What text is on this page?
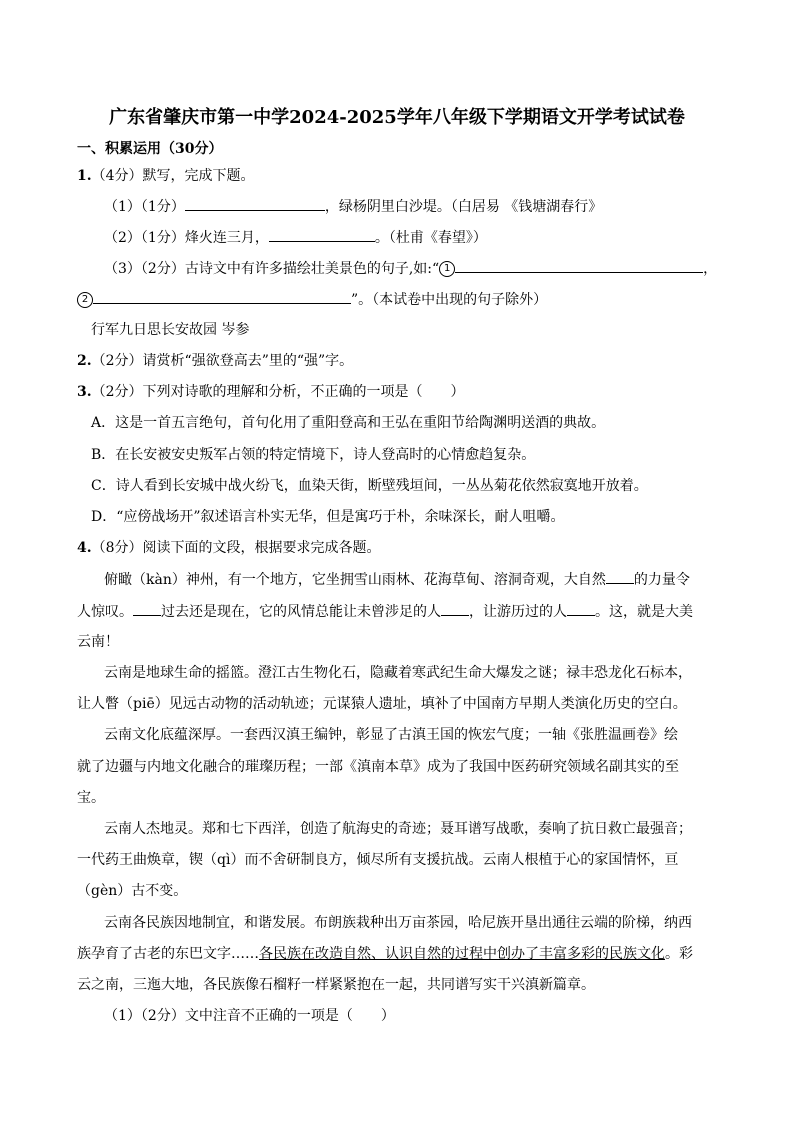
广东省肇庆市第一中学2024-2025学年八年级下学期语文开学考试试卷
一、积累运用（30分）
1.（4分）默写，完成下题。
（1）（1分）	，绿杨阴里白沙堤。（白居易 《钱塘湖春行》
（2）（1分）烽火连三月，	。（杜甫《春望》）
（3）（2分）古诗文中有许多描绘壮美景色的句子,如:“ 1	，
2	”。（本试卷中出现的句子除外）
行军九日思长安故园 岑参
2.（2分）请赏析“强欲登高去”里的“强”字。
3.（2分）下列对诗歌的理解和分析，不正确的一项是（　　）
A．这是一首五言绝句，首句化用了重阳登高和王弘在重阳节给陶渊明送酒的典故。
B．在长安被安史叛军占领的特定情境下，诗人登高时的心情愈趋复杂。
C．诗人看到长安城中战火纷飞，血染天街，断壁残垣间，一丛丛菊花依然寂寞地开放着。
D．“应傍战场开”叙述语言朴实无华，但是寓巧于朴，余味深长，耐人咀嚼。
4.（8分）阅读下面的文段，根据要求完成各题。
俯瞰（kàn）神州，有一个地方，它坐拥雪山雨林、花海草甸、溶洞奇观，大自然 的力量令
人惊叹。 过去还是现在，它的风情总能让未曾涉足的人 ，让游历过的人 。这，就是大美
云南！
云南是地球生命的摇篮。澄江古生物化石，隐藏着寒武纪生命大爆发之谜；禄丰恐龙化石标本，
让人瞥（piē）见远古动物的活动轨迹；元谋猿人遗址，填补了中国南方早期人类演化历史的空白。
云南文化底蕴深厚。一套西汉滇王编钟，彰显了古滇王国的恢宏气度；一轴《张胜温画卷》绘
就了边疆与内地文化融合的璀璨历程；一部《滇南本草》成为了我国中医药研究领域名副其实的至
宝。
云南人杰地灵。郑和七下西洋，创造了航海史的奇迹；聂耳谱写战歌，奏响了抗日救亡最强音；
一代药王曲焕章，锲（qì）而不舍研制良方，倾尽所有支援抗战。云南人根植于心的家国情怀，亘
（gèn）古不变。
云南各民族因地制宜，和谐发展。布朗族栽种出万亩茶园，哈尼族开垦出通往云端的阶梯，纳西
族孕育了古老的东巴文字……各民族在改造自然、认识自然的过程中创办了丰富多彩的民族文化。彩
云之南，三迤大地，各民族像石榴籽一样紧紧抱在一起，共同谱写实干兴滇新篇章。
（1）（2分）文中注音不正确的一项是（　　）
